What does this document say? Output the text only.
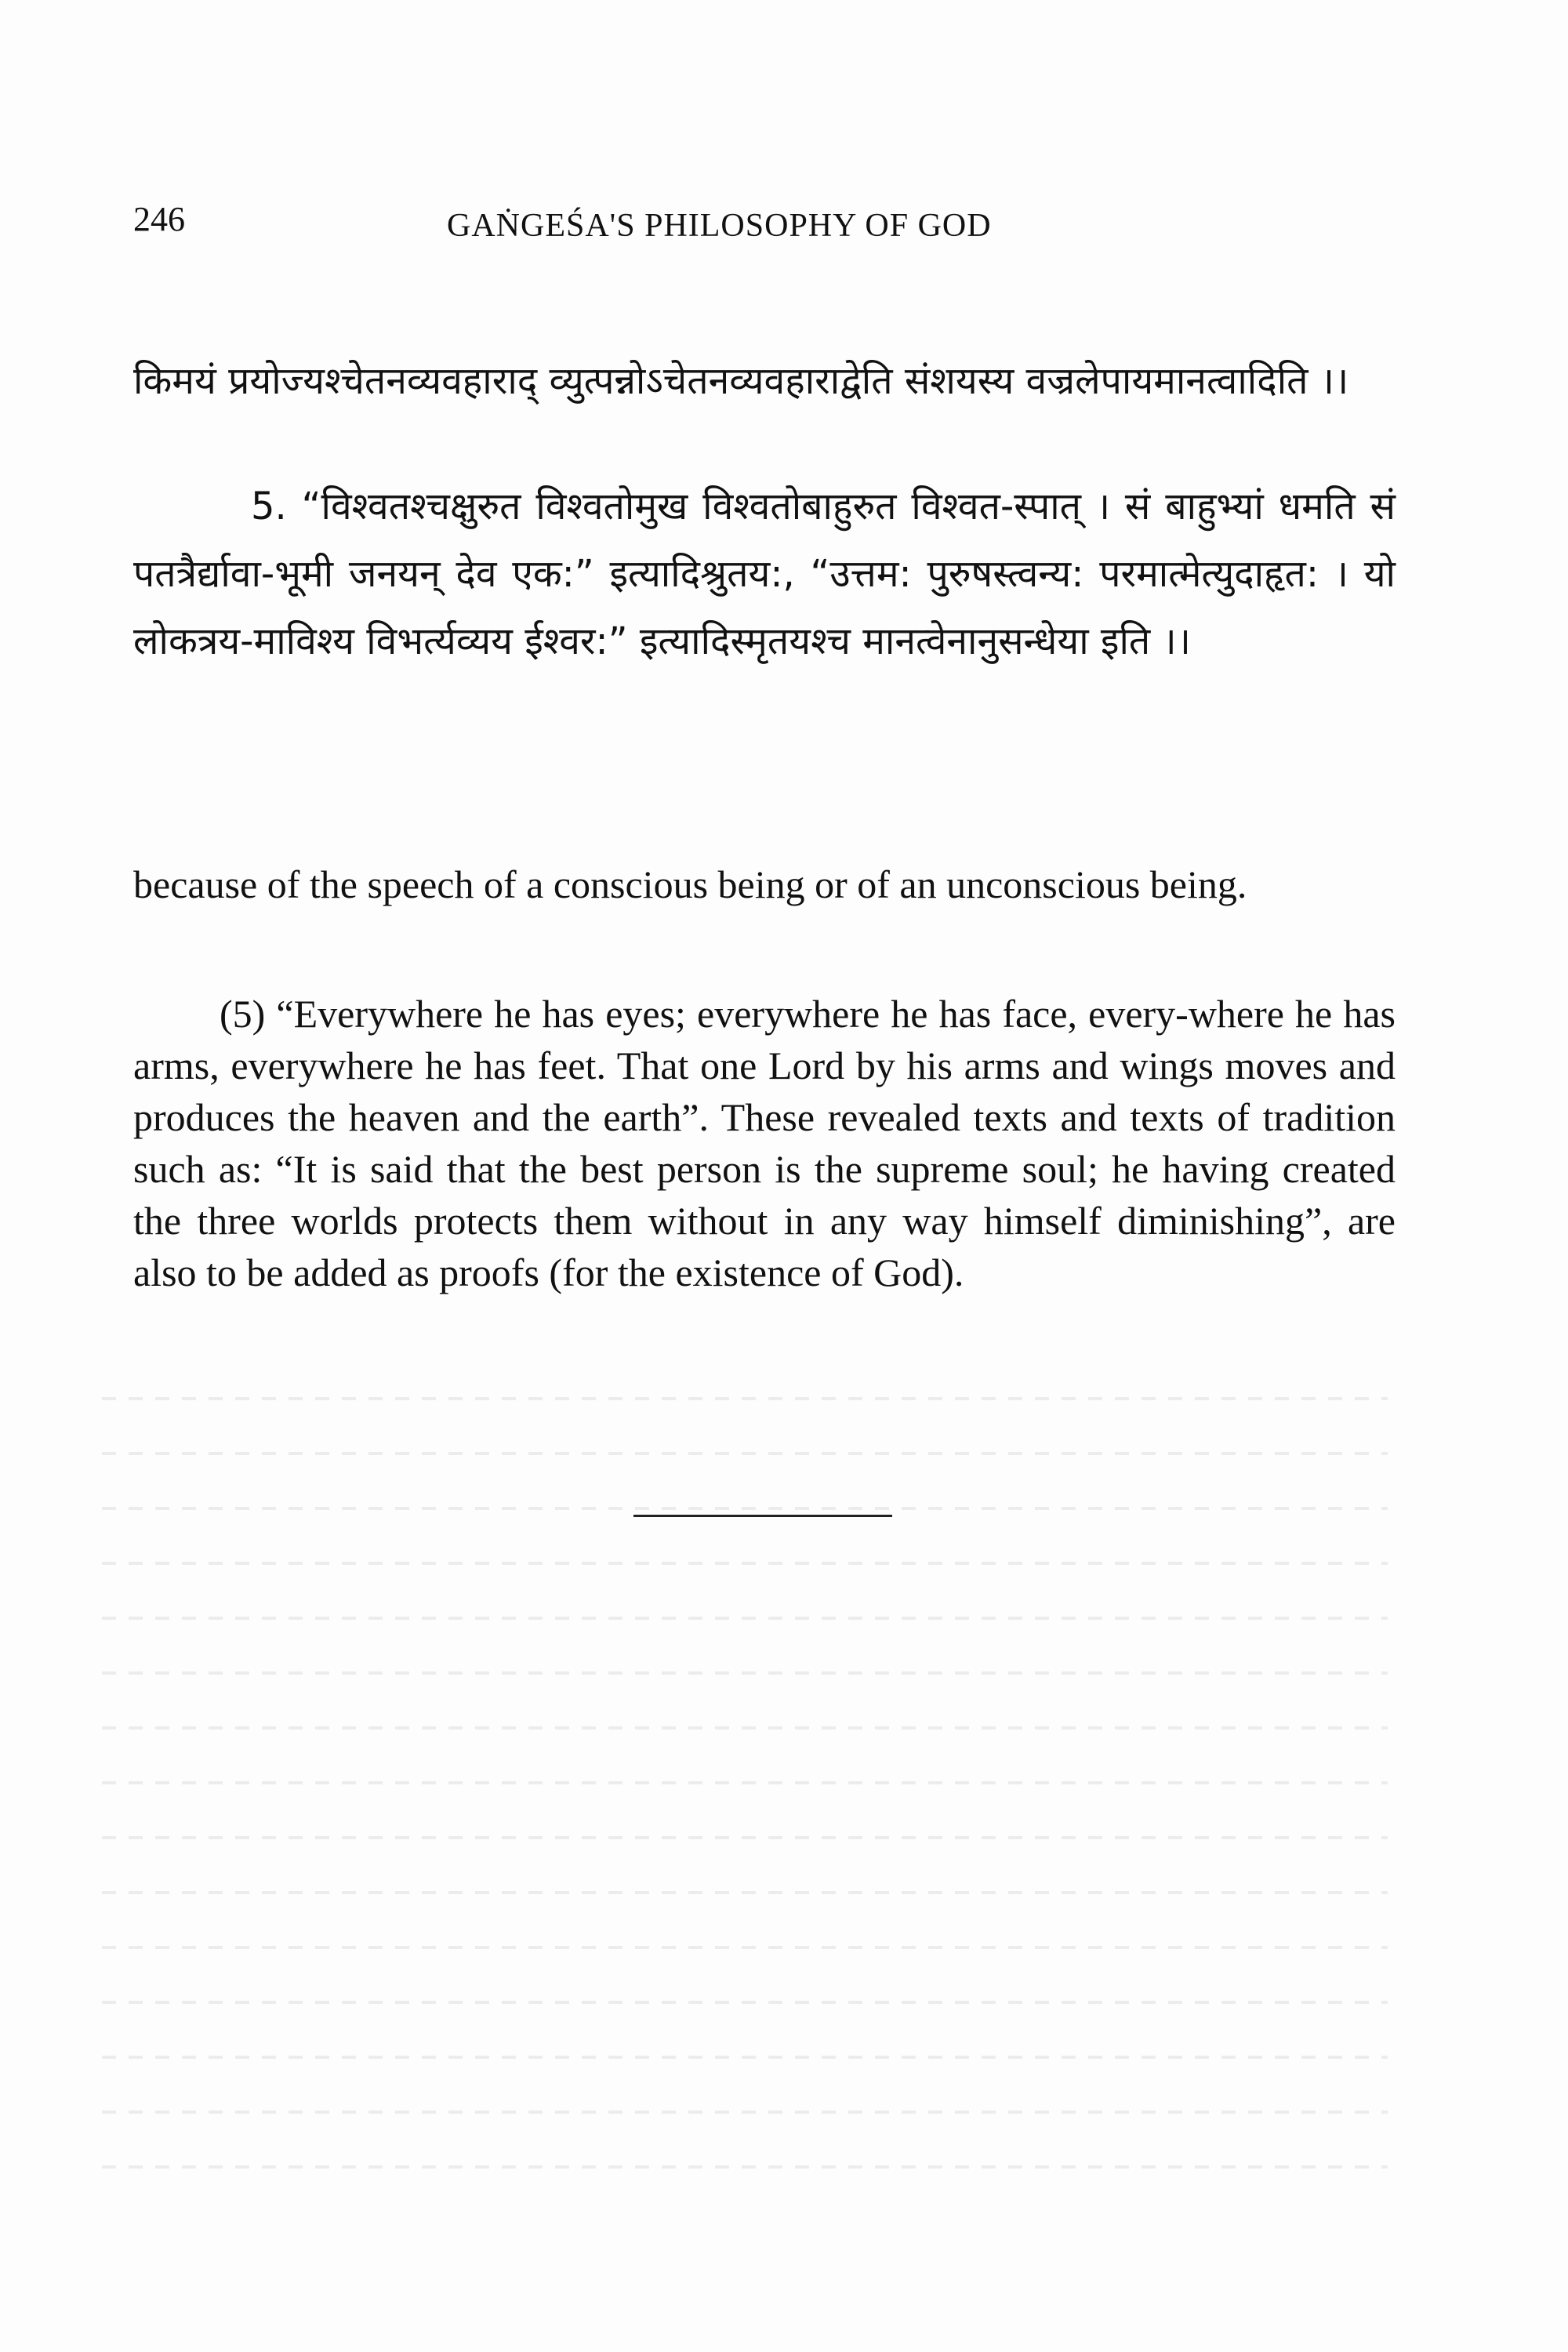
246	GAṄGEŚA'S PHILOSOPHY OF GOD

किमयं प्रयोज्यश्चेतनव्यवहाराद् व्युत्पन्नोऽचेतनव्यवहाराद्वेति संशयस्य वज्रलेपायमानत्वादिति ।।

5. “विश्वतश्चक्षुरुत विश्वतोमुख विश्वतोबाहुरुत विश्वत-स्पात् । सं बाहुभ्यां धमति सं पतत्रैर्द्यावा-भूमी जनयन् देव एक:” इत्यादिश्रुतय:, “उत्तम: पुरुषस्त्वन्य: परमात्मेत्युदाहृत: । यो लोकत्रय-माविश्य विभर्त्यव्यय ईश्वर:” इत्यादिस्मृतयश्च मानत्वेनानुसन्धेया इति ।।

because of the speech of a conscious being or of an unconscious being.

(5) “Everywhere he has eyes; everywhere he has face, every-where he has arms, everywhere he has feet. That one Lord by his arms and wings moves and produces the heaven and the earth”. These revealed texts and texts of tradition such as: “It is said that the best person is the supreme soul; he having created the three worlds protects them without in any way himself diminishing”, are also to be added as proofs (for the existence of God).
